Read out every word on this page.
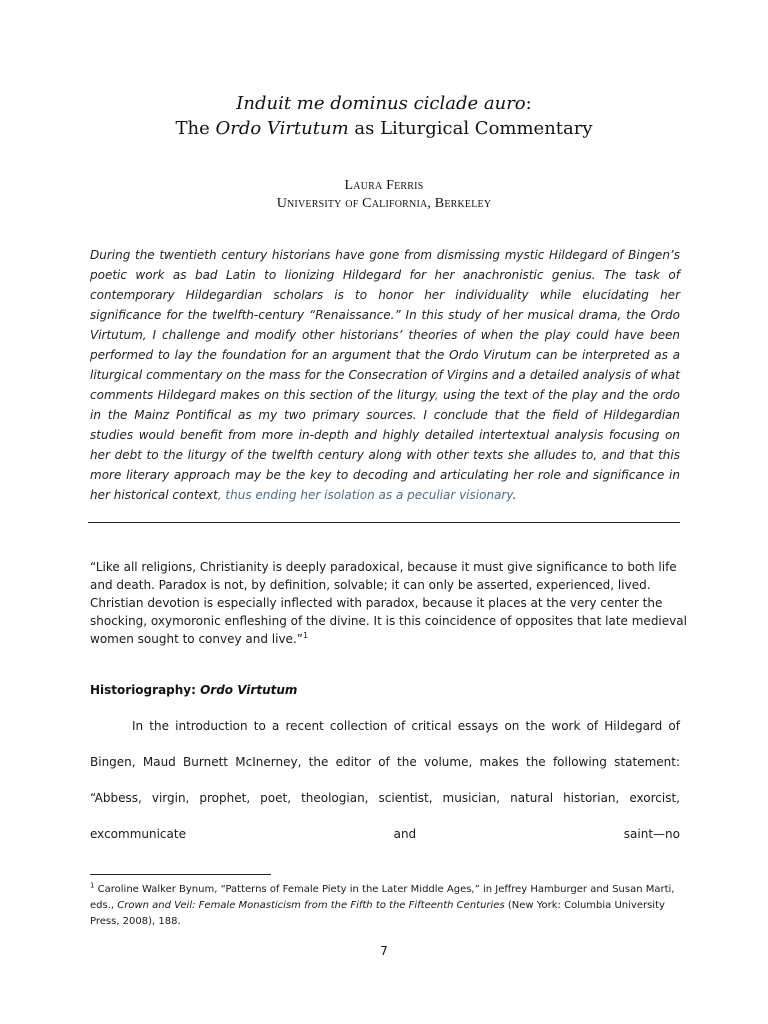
Induit me dominus ciclade auro:
The Ordo Virtutum as Liturgical Commentary
Laura Ferris
University of California, Berkeley
During the twentieth century historians have gone from dismissing mystic Hildegard of Bingen’s poetic work as bad Latin to lionizing Hildegard for her anachronistic genius. The task of contemporary Hildegardian scholars is to honor her individuality while elucidating her significance for the twelfth-century “Renaissance.” In this study of her musical drama, the Ordo Virtutum, I challenge and modify other historians’ theories of when the play could have been performed to lay the foundation for an argument that the Ordo Virutum can be interpreted as a liturgical commentary on the mass for the Consecration of Virgins and a detailed analysis of what comments Hildegard makes on this section of the liturgy, using the text of the play and the ordo in the Mainz Pontifical as my two primary sources. I conclude that the field of Hildegardian studies would benefit from more in-depth and highly detailed intertextual analysis focusing on her debt to the liturgy of the twelfth century along with other texts she alludes to, and that this more literary approach may be the key to decoding and articulating her role and significance in her historical context, thus ending her isolation as a peculiar visionary.
“Like all religions, Christianity is deeply paradoxical, because it must give significance to both life and death. Paradox is not, by definition, solvable; it can only be asserted, experienced, lived. Christian devotion is especially inflected with paradox, because it places at the very center the shocking, oxymoronic enfleshing of the divine. It is this coincidence of opposites that late medieval women sought to convey and live.”$^1$
Historiography: Ordo Virtutum

In the introduction to a recent collection of critical essays on the work of Hildegard of Bingen, Maud Burnett McInerney, the editor of the volume, makes the following statement: “Abbess, virgin, prophet, poet, theologian, scientist, musician, natural historian, exorcist, excommunicate and saint—no

$^1$ Caroline Walker Bynum, “Patterns of Female Piety in the Later Middle Ages,” in Jeffrey Hamburger and Susan Marti, eds., Crown and Veil: Female Monasticism from the Fifth to the Fifteenth Centuries (New York: Columbia University Press, 2008), 188.
7
